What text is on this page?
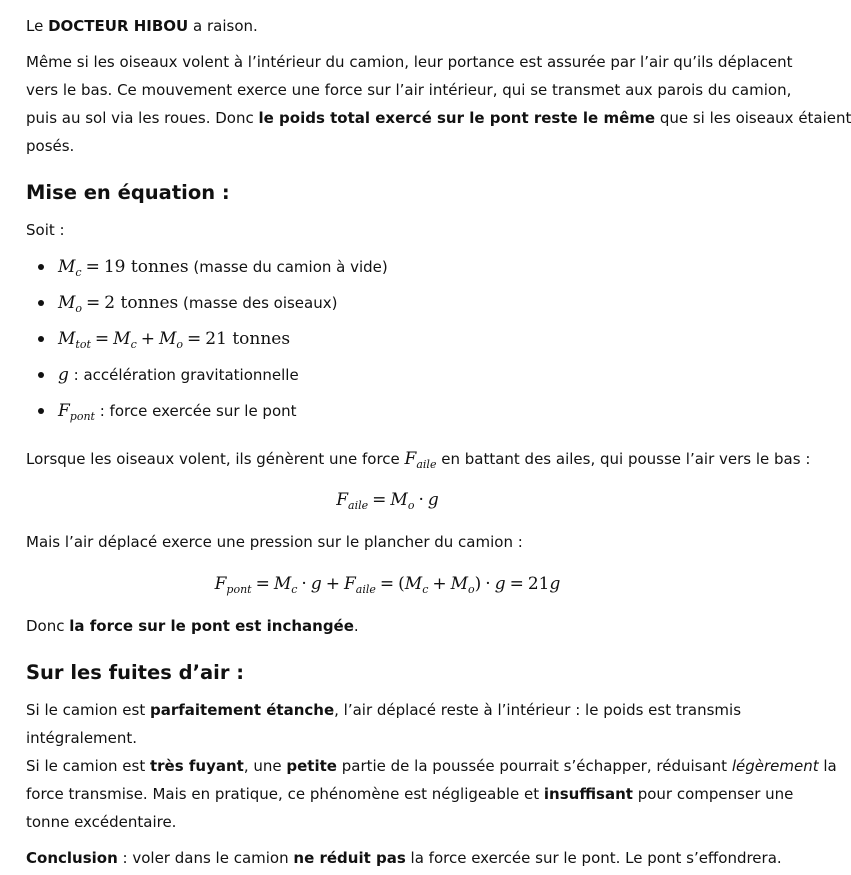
Le DOCTEUR HIBOU a raison.
Même si les oiseaux volent à l’intérieur du camion, leur portance est assurée par l’air qu’ils déplacent
vers le bas. Ce mouvement exerce une force sur l’air intérieur, qui se transmet aux parois du camion,
puis au sol via les roues. Donc le poids total exercé sur le pont reste le même que si les oiseaux étaient
posés.
Mise en équation :
Soit :
$M_c = 19$ tonnes (masse du camion à vide)
$M_o = 2$ tonnes (masse des oiseaux)
$M_{tot} = M_c + M_o = 21$ tonnes
g : accélération gravitationnelle
$F_{pont}$ : force exercée sur le pont
Lorsque les oiseaux volent, ils génèrent une force $F_{aile}$ en battant des ailes, qui pousse l’air vers le bas :
$F_{aile} = M_o \cdot g$
Mais l’air déplacé exerce une pression sur le plancher du camion :
$F_{pont} = M_c \cdot g + F_{aile} = (M_c + M_o) \cdot g = 21g$
Donc la force sur le pont est inchangée.
Sur les fuites d’air :
Si le camion est parfaitement étanche, l’air déplacé reste à l’intérieur : le poids est transmis
intégralement.
Si le camion est très fuyant, une petite partie de la poussée pourrait s’échapper, réduisant légèrement la
force transmise. Mais en pratique, ce phénomène est négligeable et insuffisant pour compenser une
tonne excédentaire.
Conclusion : voler dans le camion ne réduit pas la force exercée sur le pont. Le pont s’effondrera.
